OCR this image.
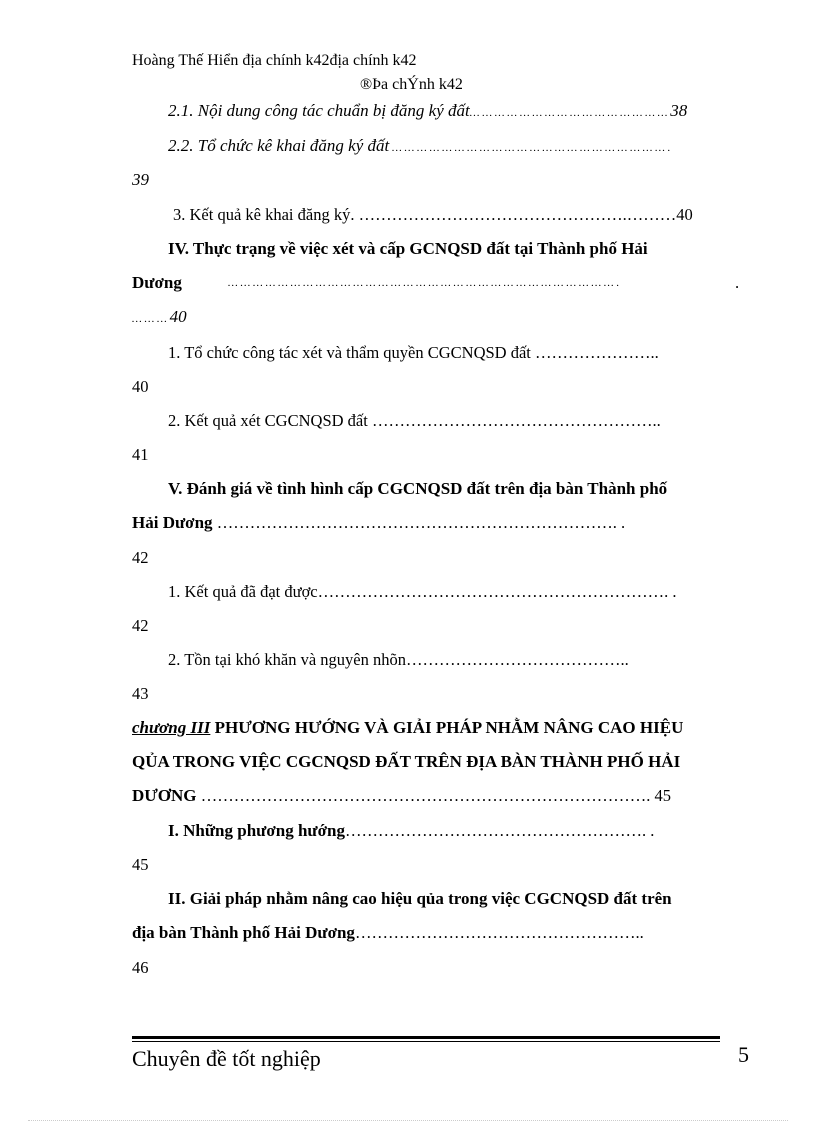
Hoàng Thế Hiển địa chính k42địa chính k42
®Þa chÝnh k42
2.1. Nội dung công tác chuẩn bị đăng ký đất… … … … … … … … … … … … … … … … 38
2.2. Tổ chức kê khai đăng ký đất … … … … … … … … … … … … … … … … … … … … … … .
39
3. Kết quả kê khai đăng ký. ………………………………………….………40
IV. Thực trạng về việc xét và cấp GCNQSD đất tại Thành phố Hải
Dương	… … … … … … … … … … … … … … … … … … … … … … … … … … … … … … … .	.
… … … 40
1. Tổ chức công tác xét và thẩm quyền CGCNQSD đất …………………..
40
2. Kết quả xét CGCNQSD đất ……………………………………………..
41
V. Đánh giá về tình hình cấp CGCNQSD đất trên địa bàn Thành phố
Hải Dương ………………………………………………………………. .
42
1. Kết quả đã đạt được………………………………………………………. .
42
2. Tồn tại khó khăn và nguyên nhõn…………………………………..
43
chương III PHƯƠNG HƯỚNG VÀ GIẢI PHÁP NHẰM NÂNG CAO HIỆU
QỦA TRONG VIỆC CGCNQSD ĐẤT TRÊN ĐỊA BÀN THÀNH PHỐ HẢI
DƯƠNG ………………………………………………………………………. 45
I. Những phương hướng………………………………………………. .
45
II. Giải pháp nhằm nâng cao hiệu qủa trong việc CGCNQSD đất trên
địa bàn Thành phố Hải Dương……………………………………………..
46
Chuyên đề tốt nghiệp	5
